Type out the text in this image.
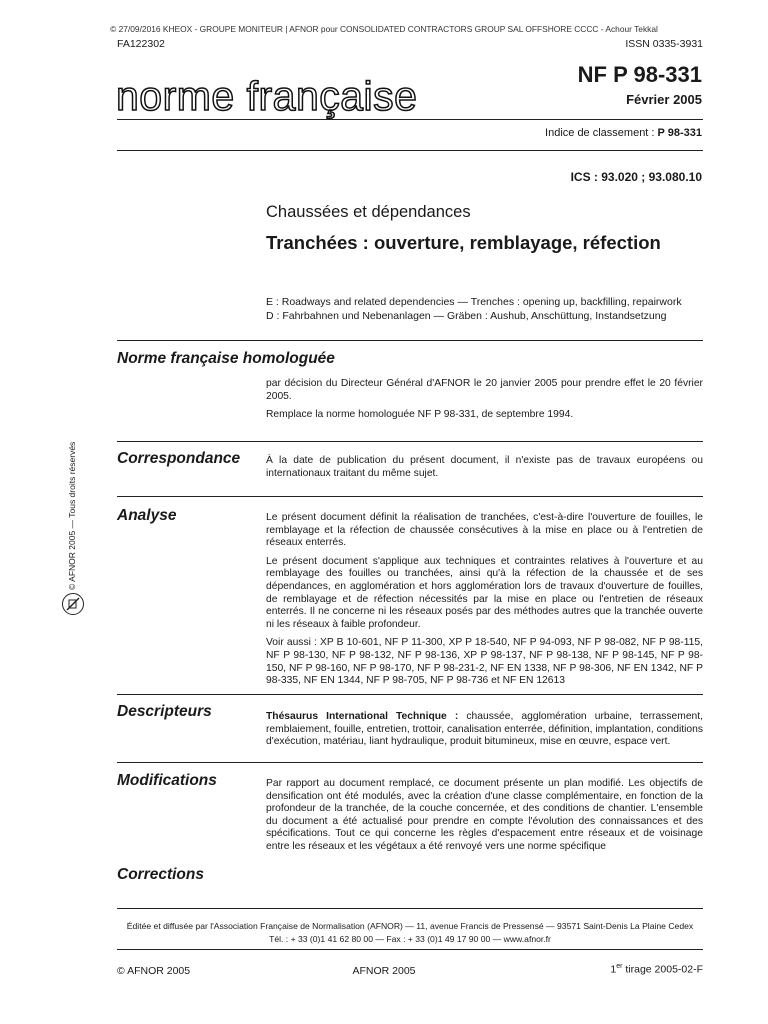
© 27/09/2016 KHEOX - GROUPE MONITEUR | AFNOR pour CONSOLIDATED CONTRACTORS GROUP SAL OFFSHORE CCCC - Achour Tekkal
FA122302	ISSN 0335-3931
norme française	NF P 98-331
Février 2005
Indice de classement : P 98-331
ICS : 93.020 ; 93.080.10
Chaussées et dépendances
Tranchées : ouverture, remblayage, réfection
E : Roadways and related dependencies — Trenches : opening up, backfilling, repairwork
D : Fahrbahnen und Nebenanlagen — Gräben : Aushub, Anschüttung, Instandsetzung
Norme française homologuée

par décision du Directeur Général d'AFNOR le 20 janvier 2005 pour prendre effet le 20 février 2005.

Remplace la norme homologuée NF P 98-331, de septembre 1994.

Correspondance	À la date de publication du présent document, il n'existe pas de travaux européens ou internationaux traitant du même sujet.

Analyse	Le présent document définit la réalisation de tranchées, c'est-à-dire l'ouverture de fouilles, le remblayage et la réfection de chaussée consécutives à la mise en place ou à l'entretien de réseaux enterrés.

Le présent document s'applique aux techniques et contraintes relatives à l'ouverture et au remblayage des fouilles ou tranchées, ainsi qu'à la réfection de la chaussée et de ses dépendances, en agglomération et hors agglomération lors de travaux d'ouverture de fouilles, de remblayage et de réfection nécessités par la mise en place ou l'entretien de réseaux enterrés. Il ne concerne ni les réseaux posés par des méthodes autres que la tranchée ouverte ni les réseaux à faible profondeur.

Voir aussi : XP B 10-601, NF P 11-300, XP P 18-540, NF P 94-093, NF P 98-082, NF P 98-115, NF P 98-130, NF P 98-132, NF P 98-136, XP P 98-137, NF P 98-138, NF P 98-145, NF P 98-150, NF P 98-160, NF P 98-170, NF P 98-231-2, NF EN 1338, NF P 98-306, NF EN 1342, NF P 98-335, NF EN 1344, NF P 98-705, NF P 98-736 et NF EN 12613

Descripteurs	Thésaurus International Technique : chaussée, agglomération urbaine, terrassement, remblaiement, fouille, entretien, trottoir, canalisation enterrée, définition, implantation, conditions d'exécution, matériau, liant hydraulique, produit bitumineux, mise en œuvre, espace vert.

Modifications	Par rapport au document remplacé, ce document présente un plan modifié. Les objectifs de densification ont été modulés, avec la création d'une classe complémentaire, en fonction de la profondeur de la tranchée, de la couche concernée, et des conditions de chantier. L'ensemble du document a été actualisé pour prendre en compte l'évolution des connaissances et des spécifications. Tout ce qui concerne les règles d'espacement entre réseaux et de voisinage entre les réseaux et les végétaux a été renvoyé vers une norme spécifique

Corrections
Éditée et diffusée par l'Association Française de Normalisation (AFNOR) — 11, avenue Francis de Pressensé — 93571 Saint-Denis La Plaine Cedex
Tél. : + 33 (0)1 41 62 80 00 — Fax : + 33 (0)1 49 17 90 00 — www.afnor.fr
© AFNOR 2005	AFNOR 2005	1er tirage 2005-02-F
© AFNOR 2005 — Tous droits réservés
